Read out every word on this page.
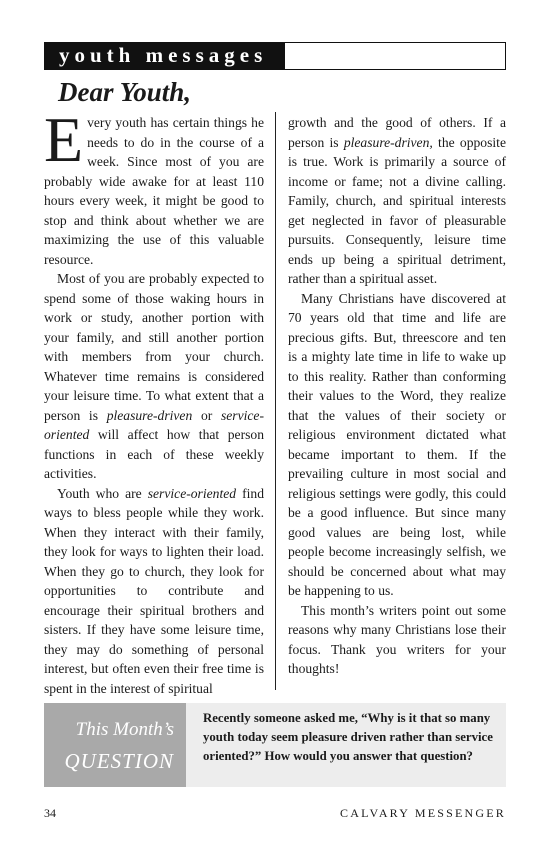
youth messages
Dear Youth,

Every youth has certain things he needs to do in the course of a week. Since most of you are probably wide awake for at least 110 hours every week, it might be good to stop and think about whether we are maximizing the use of this valuable resource.

Most of you are probably expected to spend some of those waking hours in work or study, another portion with your family, and still another portion with members from your church. Whatever time remains is considered your leisure time. To what extent that a person is pleasure-driven or service-oriented will affect how that person functions in each of these weekly activities.

Youth who are service-oriented find ways to bless people while they work. When they interact with their family, they look for ways to lighten their load. When they go to church, they look for opportunities to contribute and encourage their spiritual brothers and sisters. If they have some leisure time, they may do something of personal interest, but often even their free time is spent in the interest of spiritual

growth and the good of others. If a person is pleasure-driven, the opposite is true. Work is primarily a source of income or fame; not a divine calling. Family, church, and spiritual interests get neglected in favor of pleasurable pursuits. Consequently, leisure time ends up being a spiritual detriment, rather than a spiritual asset.

Many Christians have discovered at 70 years old that time and life are precious gifts. But, threescore and ten is a mighty late time in life to wake up to this reality. Rather than conforming their values to the Word, they realize that the values of their society or religious environment dictated what became important to them. If the prevailing culture in most social and religious settings were godly, this could be a good influence. But since many good values are being lost, while people become increasingly selfish, we should be concerned about what may be happening to us.

This month’s writers point out some reasons why many Christians lose their focus. Thank you writers for your thoughts!

This Month’s
QUESTION
Recently someone asked me, “Why is it that so many youth today seem pleasure driven rather than service oriented?” How would you answer that question?
34	CALVARY MESSENGER
